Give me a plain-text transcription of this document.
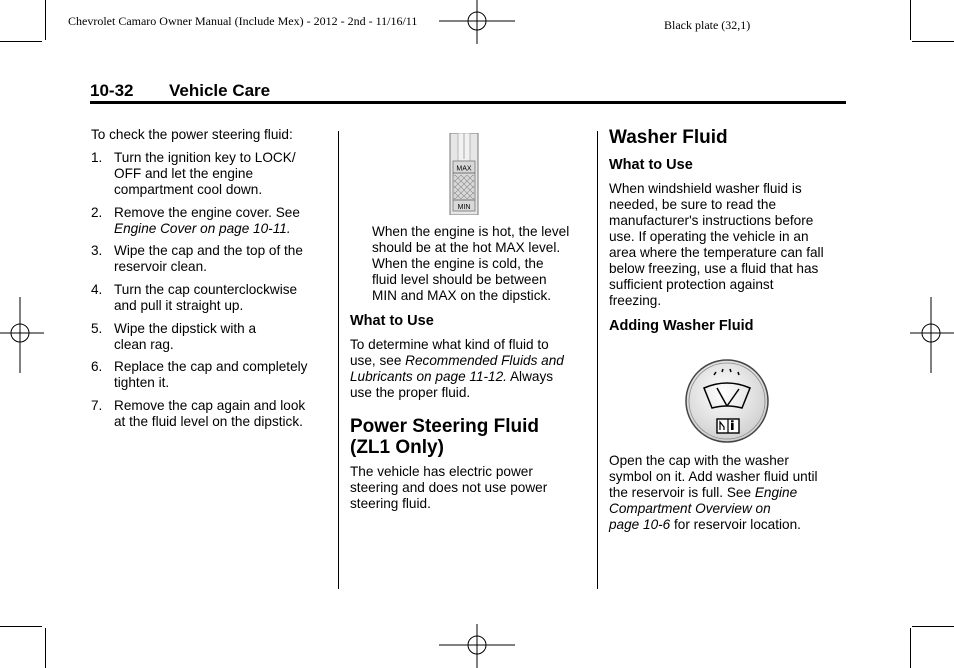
Chevrolet Camaro Owner Manual (Include Mex) - 2012 - 2nd - 11/16/11	Black plate (32,1)
10-32 Vehicle Care
To check the power steering fluid:
1. Turn the ignition key to LOCK/
OFF and let the engine
compartment cool down.
2. Remove the engine cover. See
Engine Cover on page 10-11.
3. Wipe the cap and the top of the
reservoir clean.
4. Turn the cap counterclockwise
and pull it straight up.
5. Wipe the dipstick with a
clean rag.
6. Replace the cap and completely
tighten it.
7. Remove the cap again and look
at the fluid level on the dipstick.
MAX
MIN
When the engine is hot, the level
should be at the hot MAX level.
When the engine is cold, the
fluid level should be between
MIN and MAX on the dipstick.
What to Use
To determine what kind of fluid to
use, see Recommended Fluids and
Lubricants on page 11-12. Always
use the proper fluid.
Power Steering Fluid
(ZL1 Only)
The vehicle has electric power
steering and does not use power
steering fluid.
Washer Fluid
What to Use
When windshield washer fluid is
needed, be sure to read the
manufacturer's instructions before
use. If operating the vehicle in an
area where the temperature can fall
below freezing, use a fluid that has
sufficient protection against
freezing.
Adding Washer Fluid
Open the cap with the washer
symbol on it. Add washer fluid until
the reservoir is full. See Engine
Compartment Overview on
page 10-6 for reservoir location.
